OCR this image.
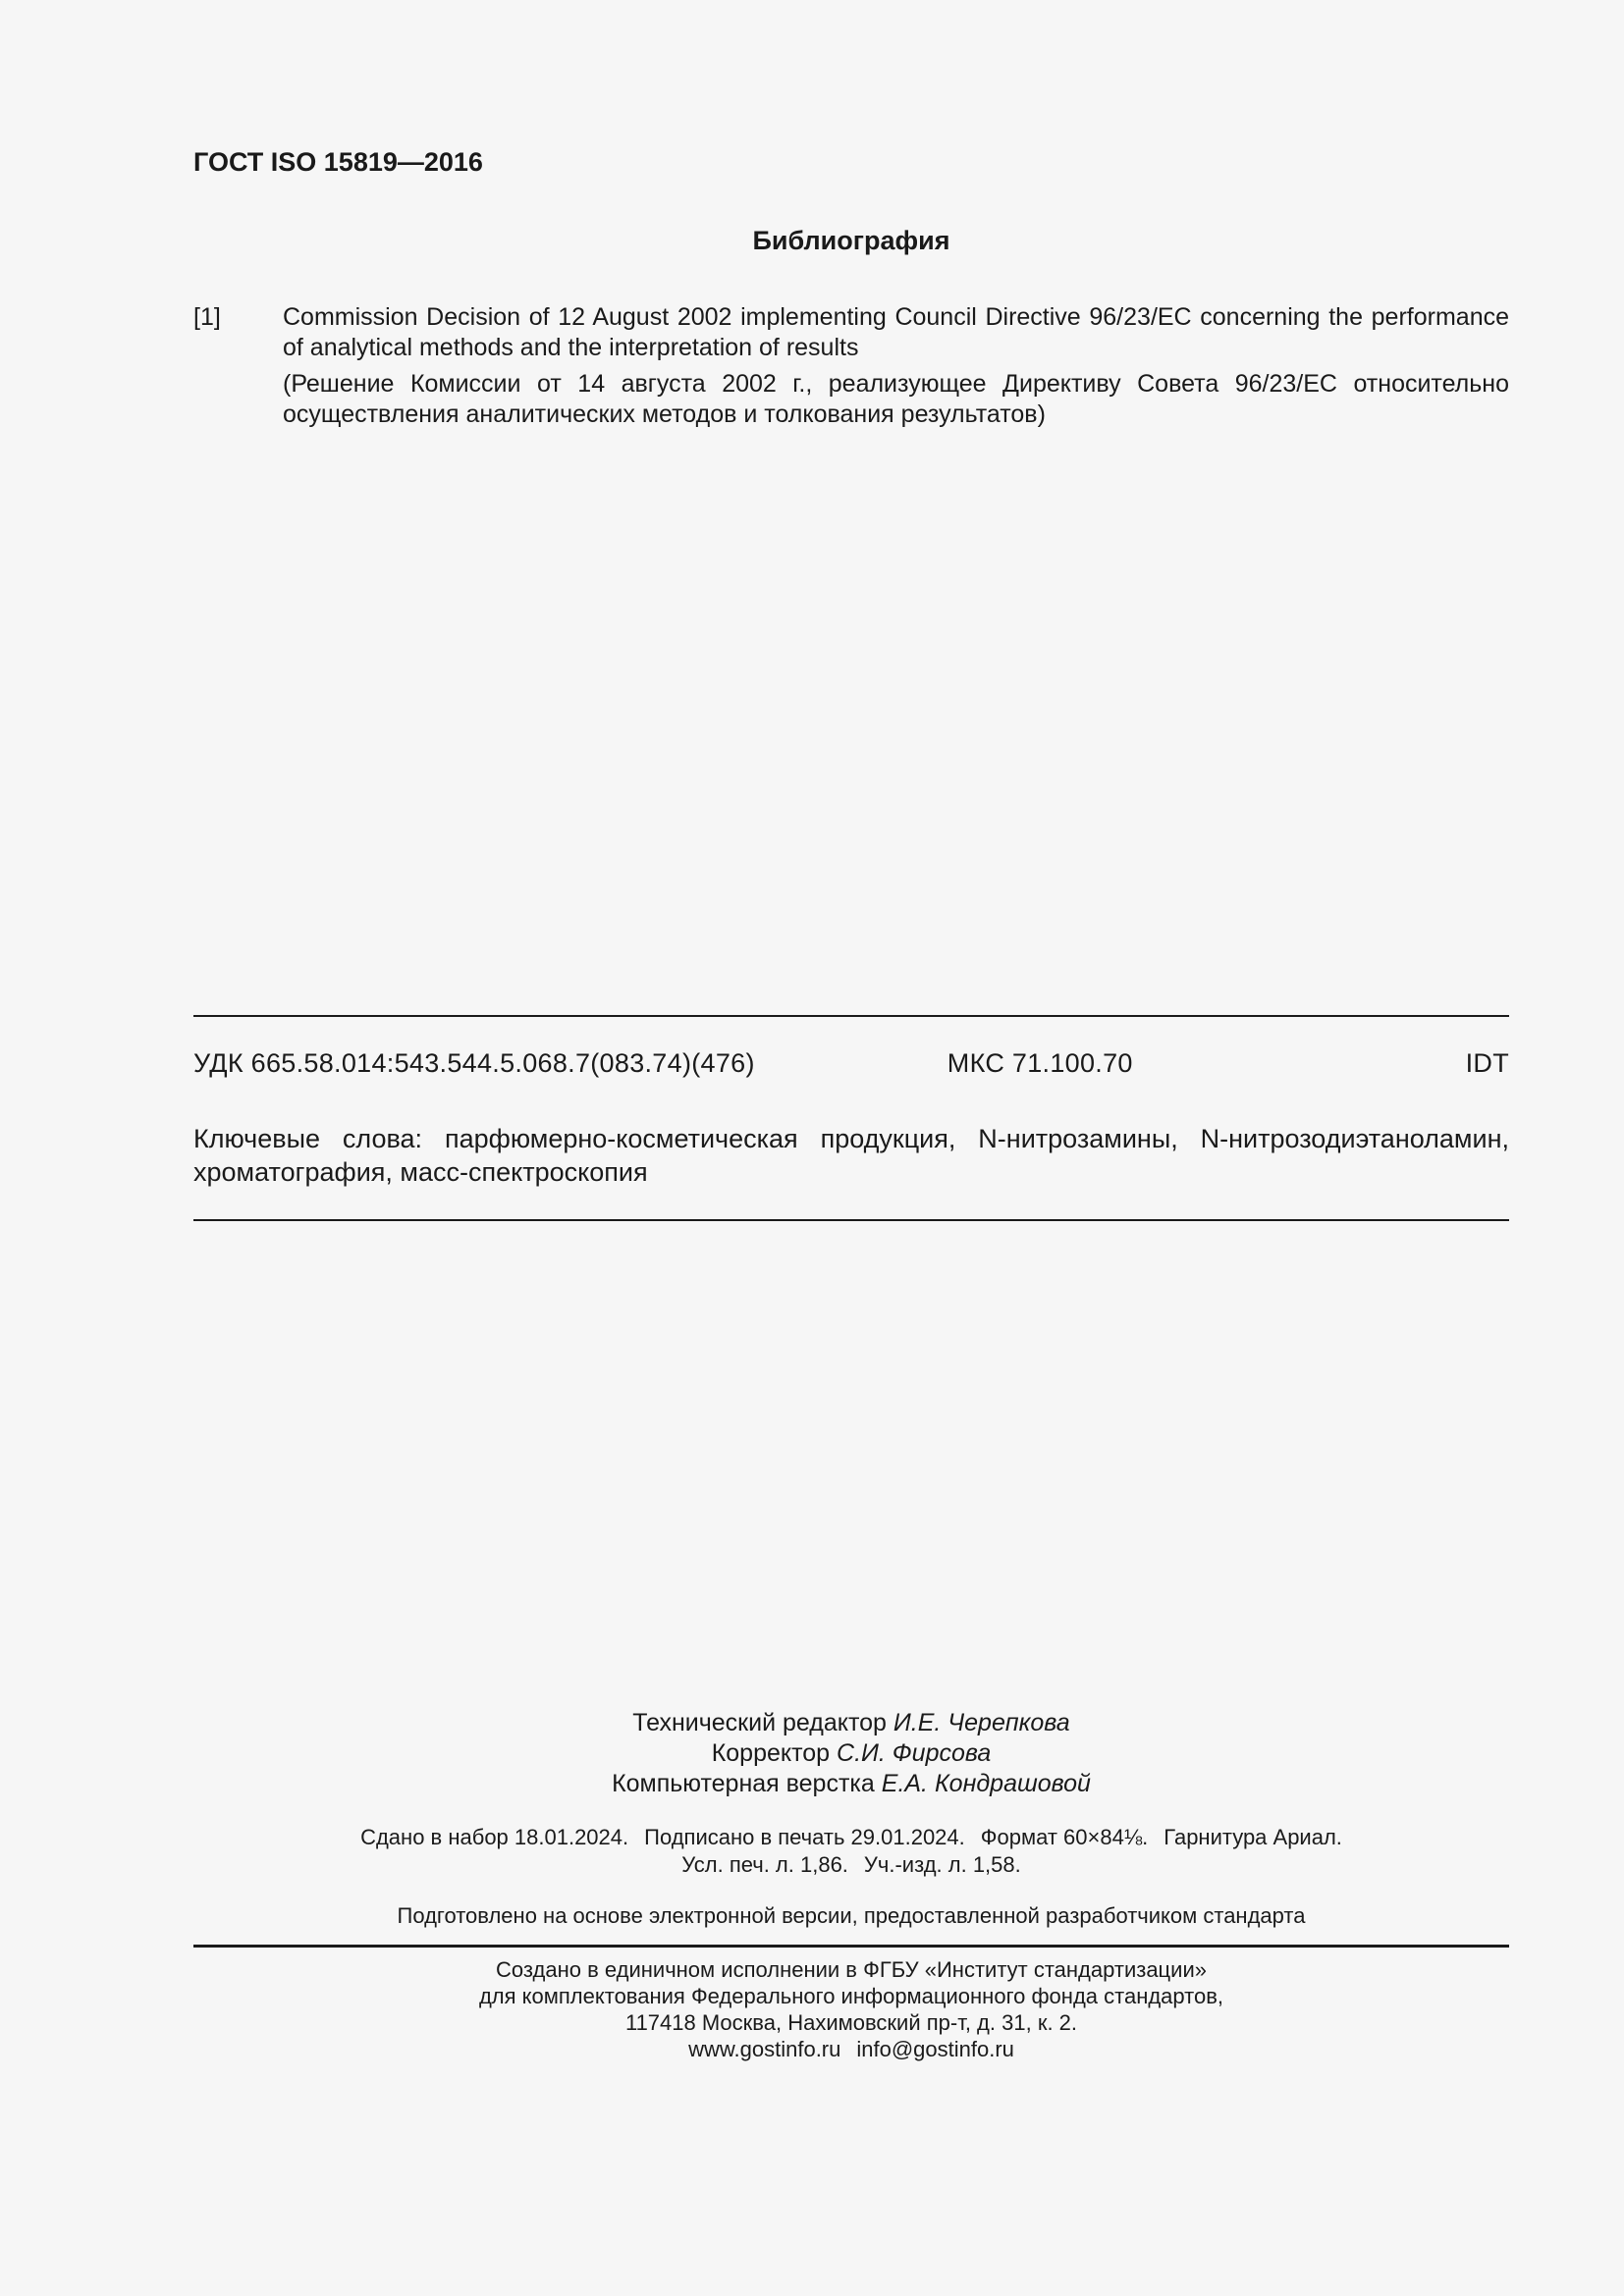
ГОСТ ISO 15819—2016
Библиография
[1]	Commission Decision of 12 August 2002 implementing Council Directive 96/23/EC concerning the performance of analytical methods and the interpretation of results
(Решение Комиссии от 14 августа 2002 г., реализующее Директиву Совета 96/23/EC относительно осуществления аналитических методов и толкования результатов)
УДК 665.58.014:543.544.5.068.7(083.74)(476)	МКС 71.100.70	IDT
Ключевые слова: парфюмерно-косметическая продукция, N-нитрозамины, N-нитрозодиэтаноламин, хроматография, масс-спектроскопия
Технический редактор И.Е. Черепкова
Корректор С.И. Фирсова
Компьютерная верстка Е.А. Кондрашовой
Сдано в набор 18.01.2024. Подписано в печать 29.01.2024. Формат 60×84⅛. Гарнитура Ариал.
Усл. печ. л. 1,86. Уч.-изд. л. 1,58.
Подготовлено на основе электронной версии, предоставленной разработчиком стандарта
Создано в единичном исполнении в ФГБУ «Институт стандартизации»
для комплектования Федерального информационного фонда стандартов,
117418 Москва, Нахимовский пр-т, д. 31, к. 2.
www.gostinfo.ru info@gostinfo.ru
